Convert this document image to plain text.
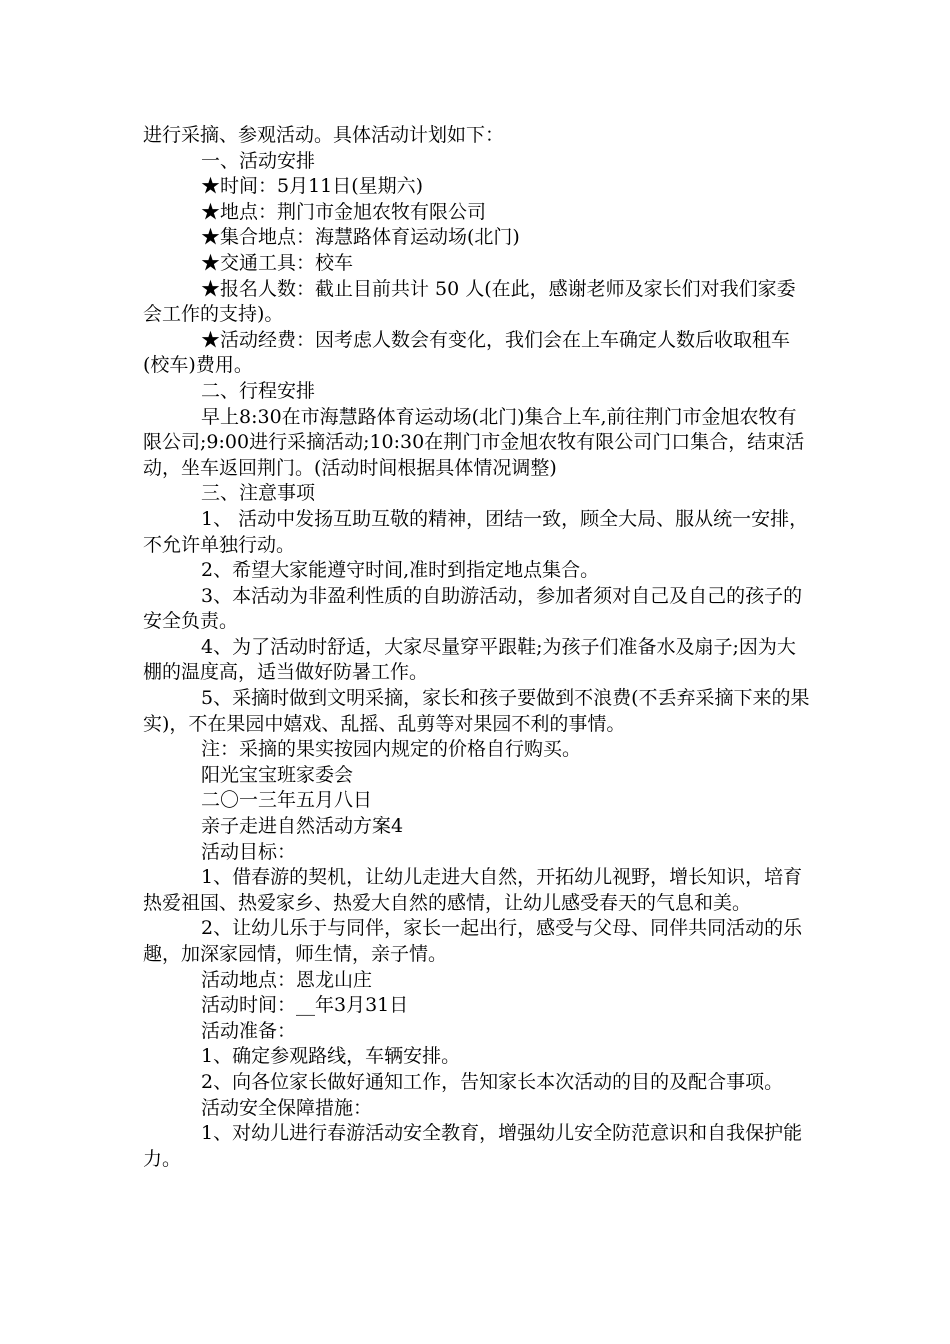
进行采摘、参观活动。具体活动计划如下：

一、活动安排

★时间：5月11日(星期六)

★地点：荆门市金旭农牧有限公司

★集合地点：海慧路体育运动场(北门)

★交通工具：校车

★报名人数：截止目前共计 50 人(在此，感谢老师及家长们对我们家委会工作的支持)。

★活动经费：因考虑人数会有变化，我们会在上车确定人数后收取租车(校车)费用。

二、行程安排

早上8:30在市海慧路体育运动场(北门)集合上车,前往荆门市金旭农牧有限公司;9:00进行采摘活动;10:30在荆门市金旭农牧有限公司门口集合，结束活动，坐车返回荆门。(活动时间根据具体情况调整)

三、注意事项

1、 活动中发扬互助互敬的精神，团结一致，顾全大局、服从统一安排，不允许单独行动。

2、希望大家能遵守时间,准时到指定地点集合。

3、本活动为非盈利性质的自助游活动，参加者须对自己及自己的孩子的安全负责。

4、为了活动时舒适，大家尽量穿平跟鞋;为孩子们准备水及扇子;因为大棚的温度高，适当做好防暑工作。

5、采摘时做到文明采摘，家长和孩子要做到不浪费(不丢弃采摘下来的果实)，不在果园中嬉戏、乱摇、乱剪等对果园不利的事情。

注：采摘的果实按园内规定的价格自行购买。

阳光宝宝班家委会

二〇一三年五月八日

亲子走进自然活动方案4

活动目标：

1、借春游的契机，让幼儿走进大自然，开拓幼儿视野，增长知识，培育热爱祖国、热爱家乡、热爱大自然的感情，让幼儿感受春天的气息和美。

2、让幼儿乐于与同伴，家长一起出行，感受与父母、同伴共同活动的乐趣，加深家园情，师生情，亲子情。

活动地点：恩龙山庄

活动时间：__年3月31日

活动准备：

1、确定参观路线，车辆安排。

2、向各位家长做好通知工作，告知家长本次活动的目的及配合事项。

活动安全保障措施：

1、对幼儿进行春游活动安全教育，增强幼儿安全防范意识和自我保护能力。
